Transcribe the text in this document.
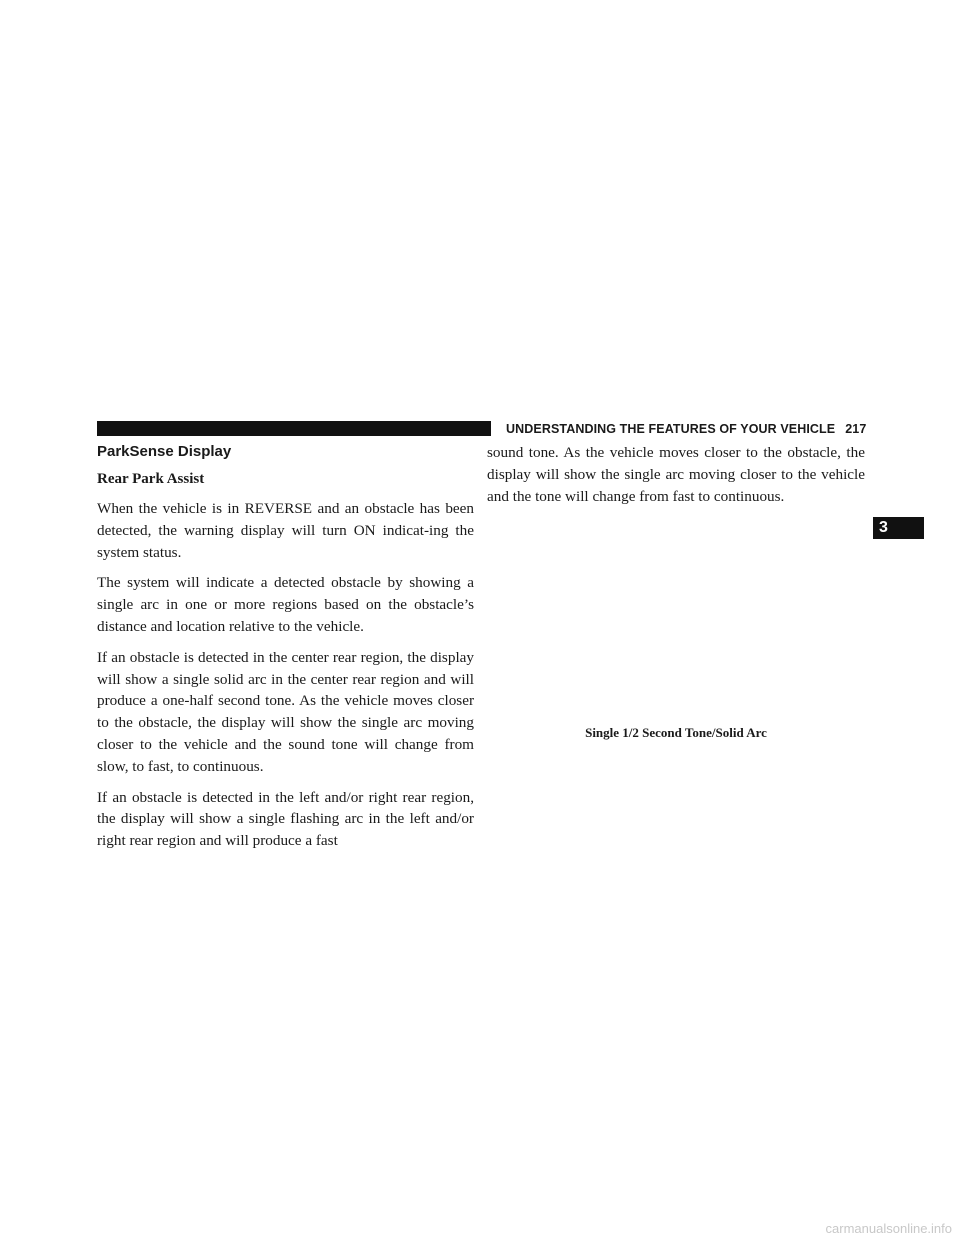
UNDERSTANDING THE FEATURES OF YOUR VEHICLE 217
ParkSense Display
Rear Park Assist

When the vehicle is in REVERSE and an obstacle has been detected, the warning display will turn ON indicat-ing the system status.

The system will indicate a detected obstacle by showing a single arc in one or more regions based on the obstacle’s distance and location relative to the vehicle.

If an obstacle is detected in the center rear region, the display will show a single solid arc in the center rear region and will produce a one-half second tone. As the vehicle moves closer to the obstacle, the display will show the single arc moving closer to the vehicle and the sound tone will change from slow, to fast, to continuous.

If an obstacle is detected in the left and/or right rear region, the display will show a single flashing arc in the left and/or right rear region and will produce a fast

sound tone. As the vehicle moves closer to the obstacle, the display will show the single arc moving closer to the vehicle and the tone will change from fast to continuous.

3
Single 1/2 Second Tone/Solid Arc
carmanualsonline.info
